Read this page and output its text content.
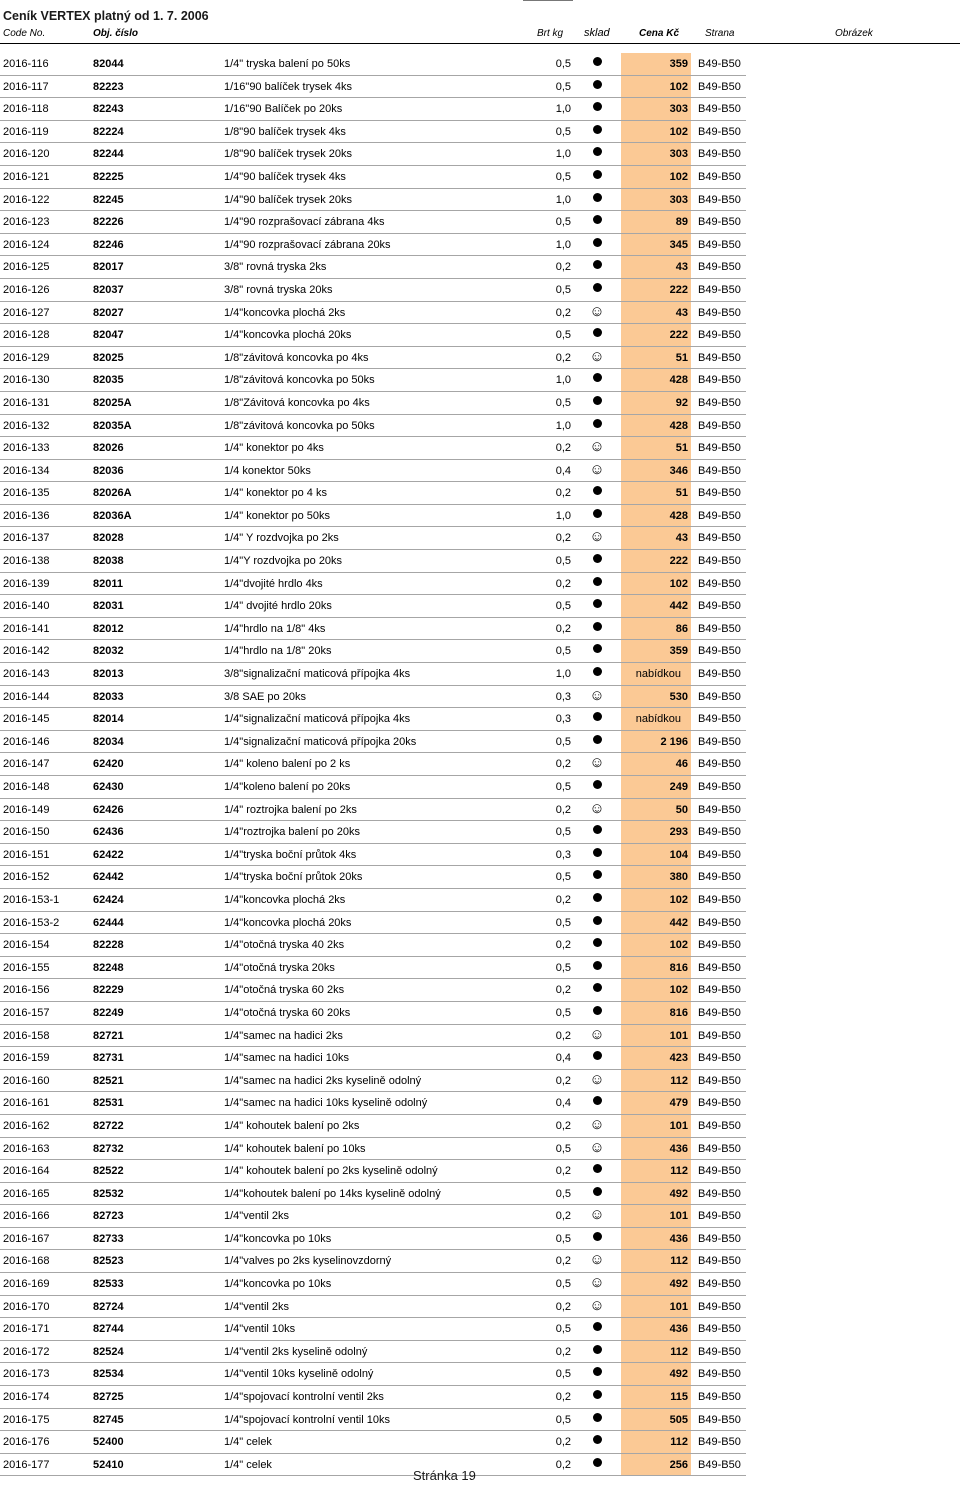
Ceník VERTEX platný od 1. 7. 2006
Code No.	Obj. číslo	Brt kg sklad	Cena Kč	Strana	Obrázek
2016-116	82044	1/4" tryska balení po 50ks	0,5	359 B49-B50
2016-117	82223	1/16"90 balíček trysek 4ks	0,5	102 B49-B50
2016-118	82243	1/16"90 Balíček po 20ks	1,0	303 B49-B50
2016-119	82224	1/8"90 balíček trysek 4ks	0,5	102 B49-B50
2016-120	82244	1/8"90 balíček trysek 20ks	1,0	303 B49-B50
2016-121	82225	1/4"90 balíček trysek 4ks	0,5	102 B49-B50
2016-122	82245	1/4"90 balíček trysek 20ks	1,0	303 B49-B50
2016-123	82226	1/4"90 rozprašovací zábrana 4ks	0,5	89 B49-B50
2016-124	82246	1/4"90 rozprašovací zábrana 20ks	1,0	345 B49-B50
2016-125	82017	3/8" rovná tryska 2ks	0,2	43 B49-B50
2016-126	82037	3/8" rovná tryska 20ks	0,5	222 B49-B50
2016-127	82027	1/4"koncovka plochá 2ks	0,2 ☺	43 B49-B50
2016-128	82047	1/4"koncovka plochá 20ks	0,5	222 B49-B50
2016-129	82025	1/8"závitová koncovka po 4ks	0,2 ☺	51 B49-B50
2016-130	82035	1/8"závitová koncovka po 50ks	1,0	428 B49-B50
2016-131	82025A	1/8"Závitová koncovka po 4ks	0,5	92 B49-B50
2016-132	82035A	1/8"závitová koncovka po 50ks	1,0	428 B49-B50
2016-133	82026	1/4" konektor po 4ks	0,2 ☺	51 B49-B50
2016-134	82036	1/4 konektor 50ks	0,4 ☺	346 B49-B50
2016-135	82026A	1/4" konektor po 4 ks	0,2	51 B49-B50
2016-136	82036A	1/4" konektor po 50ks	1,0	428 B49-B50
2016-137	82028	1/4" Y rozdvojka po 2ks	0,2 ☺	43 B49-B50
2016-138	82038	1/4"Y rozdvojka po 20ks	0,5	222 B49-B50
2016-139	82011	1/4"dvojité hrdlo 4ks	0,2	102 B49-B50
2016-140	82031	1/4" dvojité hrdlo 20ks	0,5	442 B49-B50
2016-141	82012	1/4"hrdlo na 1/8" 4ks	0,2	86 B49-B50
2016-142	82032	1/4"hrdlo na 1/8" 20ks	0,5	359 B49-B50
2016-143	82013	3/8"signalizační maticová přípojka 4ks	1,0	nabídkou	B49-B50
2016-144	82033	3/8 SAE po 20ks	0,3 ☺	530 B49-B50
2016-145	82014	1/4"signalizační maticová přípojka 4ks	0,3	nabídkou	B49-B50
2016-146	82034	1/4"signalizační maticová přípojka 20ks	0,5	2 196 B49-B50
2016-147	62420	1/4" koleno balení po 2 ks	0,2 ☺	46 B49-B50
2016-148	62430	1/4"koleno balení po 20ks	0,5	249 B49-B50
2016-149	62426	1/4" roztrojka balení po 2ks	0,2 ☺	50 B49-B50
2016-150	62436	1/4"roztrojka balení po 20ks	0,5	293 B49-B50
2016-151	62422	1/4"tryska boční průtok 4ks	0,3	104 B49-B50
2016-152	62442	1/4"tryska boční průtok 20ks	0,5	380 B49-B50
2016-153-1	62424	1/4"koncovka plochá 2ks	0,2	102 B49-B50
2016-153-2	62444	1/4"koncovka plochá 20ks	0,5	442 B49-B50
2016-154	82228	1/4"otočná tryska 40 2ks	0,2	102 B49-B50
2016-155	82248	1/4"otočná tryska 20ks	0,5	816 B49-B50
2016-156	82229	1/4"otočná tryska 60 2ks	0,2	102 B49-B50
2016-157	82249	1/4"otočná tryska 60 20ks	0,5	816 B49-B50
2016-158	82721	1/4"samec na hadici 2ks	0,2 ☺	101 B49-B50
2016-159	82731	1/4"samec na hadici 10ks	0,4	423 B49-B50
2016-160	82521	1/4"samec na hadici 2ks kyselině odolný	0,2 ☺	112 B49-B50
2016-161	82531	1/4"samec na hadici 10ks kyselině odolný	0,4	479 B49-B50
2016-162	82722	1/4" kohoutek balení po 2ks	0,2 ☺	101 B49-B50
2016-163	82732	1/4" kohoutek balení po 10ks	0,5 ☺	436 B49-B50
2016-164	82522	1/4" kohoutek balení po 2ks kyselině odolný	0,2	112 B49-B50
2016-165	82532	1/4"kohoutek balení po 14ks kyselině odolný	0,5	492 B49-B50
2016-166	82723	1/4"ventil 2ks	0,2 ☺	101 B49-B50
2016-167	82733	1/4"koncovka po 10ks	0,5	436 B49-B50
2016-168	82523	1/4"valves po 2ks kyselinovzdorný	0,2 ☺	112 B49-B50
2016-169	82533	1/4"koncovka po 10ks	0,5 ☺	492 B49-B50
2016-170	82724	1/4"ventil 2ks	0,2 ☺	101 B49-B50
2016-171	82744	1/4"ventil 10ks	0,5	436 B49-B50
2016-172	82524	1/4"ventil 2ks kyselině odolný	0,2	112 B49-B50
2016-173	82534	1/4"ventil 10ks kyselině odolný	0,5	492 B49-B50
2016-174	82725	1/4"spojovací kontrolní ventil 2ks	0,2	115 B49-B50
2016-175	82745	1/4"spojovací kontrolní ventil 10ks	0,5	505 B49-B50
2016-176	52400	1/4" celek	0,2	112 B49-B50
2016-177	52410	1/4" celek	0,2	256 B49-B50
Stránka 19
